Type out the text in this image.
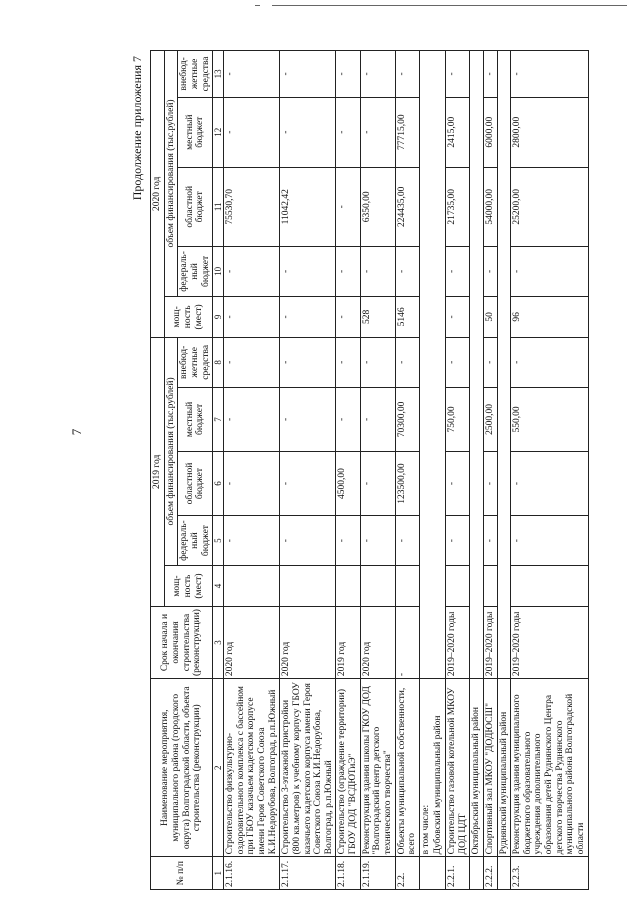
7
Продолжение приложения 7
№ п/п	Наименование мероприятия, муниципального района (городского округа) Волгоградской области, объекта строительства (реконструкции)	Срок начала и окончания строительства (реконструкции)	2019 год					2020 год				
			мощ-ность (мест)	объем финансирования (тыс.рублей)				мощ-ность (мест)	объем финансирования (тыс.рублей)			
				федераль-ный бюджет	областной бюджет	местный бюджет	внебюд-жетные средства		федераль-ный бюджет	областной бюджет	местный бюджет	внебюд-жетные средства
1	2	3	4	5	6	7	8	9	10	11	12	13
2.1.16.	Строительство физкультурно-оздоровительного комплекса с бассейном при ГБОУ казачьем кадетском корпусе имени Героя Советского Союза К.И.Недорубова, Волгоград, р.п.Южный	2020 год		-	-	-	-	-	-	75530,70	-	-
2.1.17.	Строительство 3-этажной пристройки (800 кв.метров) к учебному корпусу ГБОУ казачьего кадетского корпуса имени Героя Советского Союза К.И.Недорубова, Волгоград, р.п.Южный	2020 год		-	-	-	-	-	-	11042,42	-	-
2.1.18.	Строительство (ограждение территории) ГБОУ ДОД "ВСДЮТиЭ"	2019 год		-	4500,00	-	-	-	-	-	-	-
2.1.19.	Реконструкция здания школы ГКОУ ДОД "Волгоградский центр детского технического творчества"	2020 год		-	-	-	-	528	-	6350,00	-	-
2.2.	Объекты муниципальной собственности, всего	-		-	123500,00	70300,00	-	5146	-	224435,00	77715,00	-
	в том числе:											
	Дубовский муниципальный район											
2.2.1.	Строительство газовой котельной МКОУ ДОД ЦДТ	2019–2020 годы		-	-	750,00	-	-	-	21735,00	2415,00	-
	Октябрьский муниципальный район											
2.2.2.	Спортивный зал МКОУ "ДОДЮСШ"	2019–2020 годы		-	-	2500,00	-	50	-	54000,00	6000,00	-
	Руднянский муниципальный район											
2.2.3.	Реконструкция здания муниципального бюджетного образовательного учреждения дополнительного образования детей Руднянского Центра детского творчества Руднянского муниципального района Волгоградской области	2019–2020 годы		-	-	550,00	-	96	-	25200,00	2800,00	-
